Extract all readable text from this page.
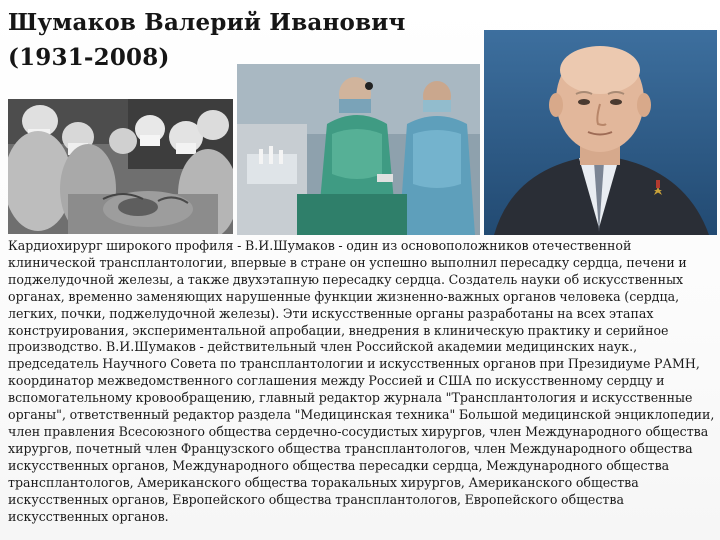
Шумаков Валерий Иванович
(1931-2008)
Кардиохирург широкого профиля - В.И.Шумаков - один из основоположников отечественной
клинической трансплантологии, впервые в стране он успешно выполнил пересадку сердца, печени и
поджелудочной железы, а также двухэтапную пересадку сердца. Создатель науки об искусственных
органах, временно заменяющих нарушенные функции жизненно-важных органов человека (сердца,
легких, почки, поджелудочной железы). Эти искусственные органы разработаны на всех этапах
конструирования, экспериментальной апробации, внедрения в клиническую практику и серийное
производство. В.И.Шумаков - действительный член Российской академии медицинских наук.,
председатель Научного Совета по трансплантологии и искусственных органов при Президиуме РАМН,
координатор межведомственного соглашения между Россией и США по искусственному сердцу и
вспомогательному кровообращению, главный редактор журнала "Трансплантология и искусственные
органы", ответственный редактор раздела "Медицинская техника" Большой медицинской энциклопедии,
член правления Всесоюзного общества сердечно-сосудистых хирургов, член Международного общества
хирургов, почетный член Французского общества трансплантологов, член Международного общества
искусственных органов, Международного общества пересадки сердца, Международного общества
трансплантологов, Американского общества торакальных хирургов, Американского общества
искусственных органов, Европейского общества трансплантологов, Европейского общества
искусственных органов.
